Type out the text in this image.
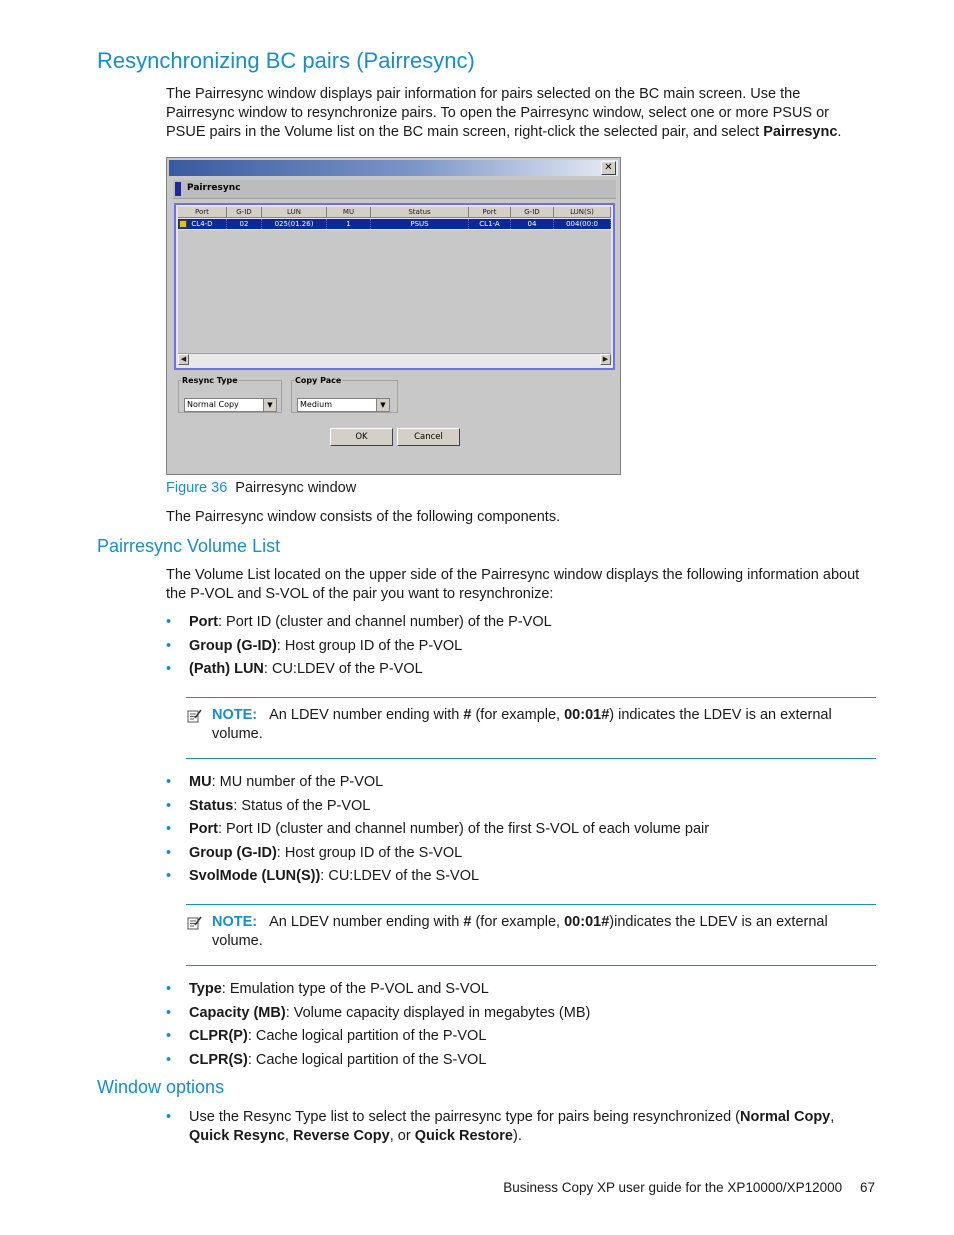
Resynchronizing BC pairs (Pairresync)
The Pairresync window displays pair information for pairs selected on the BC main screen. Use the Pairresync window to resynchronize pairs. To open the Pairresync window, select one or more PSUS or PSUE pairs in the Volume list on the BC main screen, right-click the selected pair, and select Pairresync.
✕
Pairresync
Port	G-ID	LUN	MU	Status	Port	G-ID	LUN(S)
CL4-D	02	025(01.26)	1	PSUS	CL1-A	04	004(00:0
◀	▶
Resync Type
Normal Copy	▼
Copy Pace
Medium	▼
OK	Cancel
Figure 36 Pairresync window
The Pairresync window consists of the following components.
Pairresync Volume List
The Volume List located on the upper side of the Pairresync window displays the following information about the P-VOL and S-VOL of the pair you want to resynchronize:
• Port: Port ID (cluster and channel number) of the P-VOL
• Group (G-ID): Host group ID of the P-VOL
• (Path) LUN: CU:LDEV of the P-VOL
NOTE: An LDEV number ending with # (for example, 00:01#) indicates the LDEV is an external volume.
• MU: MU number of the P-VOL
• Status: Status of the P-VOL
• Port: Port ID (cluster and channel number) of the first S-VOL of each volume pair
• Group (G-ID): Host group ID of the S-VOL
• SvolMode (LUN(S)): CU:LDEV of the S-VOL
NOTE: An LDEV number ending with # (for example, 00:01#)indicates the LDEV is an external volume.
• Type: Emulation type of the P-VOL and S-VOL
• Capacity (MB): Volume capacity displayed in megabytes (MB)
• CLPR(P): Cache logical partition of the P-VOL
• CLPR(S): Cache logical partition of the S-VOL
Window options
•	Use the Resync Type list to select the pairresync type for pairs being resynchronized (Normal Copy, Quick Resync, Reverse Copy, or Quick Restore).
Business Copy XP user guide for the XP10000/XP12000 67
